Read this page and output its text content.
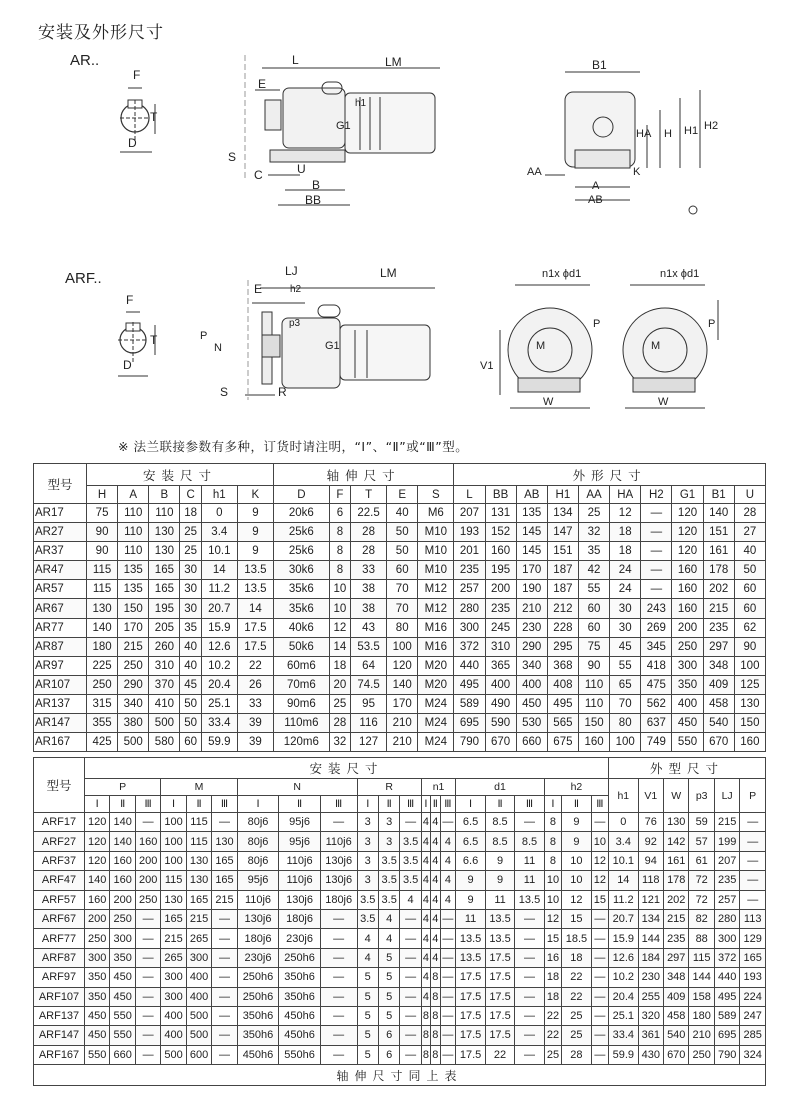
安装及外形尺寸
AR..
F
T
D
L	LM
E
h1
G1
S
C	U
B
BB
B1
HA H H1 H2
AA	K
A
AB
ARF..
F
T
D
LJ	LM
E	h2
P
N
S	R
p3
G1
n1x ϕd1	n1x ϕd1
V1
M	M
P	P
W	W
※ 法兰联接参数有多种，订货时请注明，“Ⅰ”、“Ⅱ”或“Ⅲ”型。
型号	安装尺寸						轴伸尺寸					外形尺寸									
	H	A	B	C	h1	K	D	F	T	E	S	L	BB	AB	H1	AA	HA	H2	G1	B1	U
AR17	75	110	110	18	0	9	20k6	6	22.5	40	M6	207	131	135	134	25	12	—	120	140	28
AR27	90	110	130	25	3.4	9	25k6	8	28	50	M10	193	152	145	147	32	18	—	120	151	27
AR37	90	110	130	25	10.1	9	25k6	8	28	50	M10	201	160	145	151	35	18	—	120	161	40
AR47	115	135	165	30	14	13.5	30k6	8	33	60	M10	235	195	170	187	42	24	—	160	178	50
AR57	115	135	165	30	11.2	13.5	35k6	10	38	70	M12	257	200	190	187	55	24	—	160	202	60
AR67	130	150	195	30	20.7	14	35k6	10	38	70	M12	280	235	210	212	60	30	243	160	215	60
AR77	140	170	205	35	15.9	17.5	40k6	12	43	80	M16	300	245	230	228	60	30	269	200	235	62
AR87	180	215	260	40	12.6	17.5	50k6	14	53.5	100	M16	372	310	290	295	75	45	345	250	297	90
AR97	225	250	310	40	10.2	22	60m6	18	64	120	M20	440	365	340	368	90	55	418	300	348	100
AR107	250	290	370	45	20.4	26	70m6	20	74.5	140	M20	495	400	400	408	110	65	475	350	409	125
AR137	315	340	410	50	25.1	33	90m6	25	95	170	M24	589	490	450	495	110	70	562	400	458	130
AR147	355	380	500	50	33.4	39	110m6	28	116	210	M24	695	590	530	565	150	80	637	450	540	150
AR167	425	500	580	60	59.9	39	120m6	32	127	210	M24	790	670	660	675	160	100	749	550	670	160
型号	安装尺寸																					外型尺寸					
	P			M			N			R			n1			d1			h2			h1	V1	W	p3	LJ	P
	Ⅰ	Ⅱ	Ⅲ	Ⅰ	Ⅱ	Ⅲ	Ⅰ	Ⅱ	Ⅲ	Ⅰ	Ⅱ	Ⅲ	Ⅰ	Ⅱ	Ⅲ	Ⅰ	Ⅱ	Ⅲ	Ⅰ	Ⅱ	Ⅲ						
ARF17	120	140	—	100	115	—	80j6	95j6	—	3	3	—	4	4	—	6.5	8.5	—	8	9	—	0	76	130	59	215	—
ARF27	120	140	160	100	115	130	80j6	95j6	110j6	3	3	3.5	4	4	4	6.5	8.5	8.5	8	9	10	3.4	92	142	57	199	—
ARF37	120	160	200	100	130	165	80j6	110j6	130j6	3	3.5	3.5	4	4	4	6.6	9	11	8	10	12	10.1	94	161	61	207	—
ARF47	140	160	200	115	130	165	95j6	110j6	130j6	3	3.5	3.5	4	4	4	9	9	11	10	10	12	14	118	178	72	235	—
ARF57	160	200	250	130	165	215	110j6	130j6	180j6	3.5	3.5	4	4	4	4	9	11	13.5	10	12	15	11.2	121	202	72	257	—
ARF67	200	250	—	165	215	—	130j6	180j6	—	3.5	4	—	4	4	—	11	13.5	—	12	15	—	20.7	134	215	82	280	113
ARF77	250	300	—	215	265	—	180j6	230j6	—	4	4	—	4	4	—	13.5	13.5	—	15	18.5	—	15.9	144	235	88	300	129
ARF87	300	350	—	265	300	—	230j6	250h6	—	4	5	—	4	4	—	13.5	17.5	—	16	18	—	12.6	184	297	115	372	165
ARF97	350	450	—	300	400	—	250h6	350h6	—	5	5	—	4	8	—	17.5	17.5	—	18	22	—	10.2	230	348	144	440	193
ARF107	350	450	—	300	400	—	250h6	350h6	—	5	5	—	4	8	—	17.5	17.5	—	18	22	—	20.4	255	409	158	495	224
ARF137	450	550	—	400	500	—	350h6	450h6	—	5	5	—	8	8	—	17.5	17.5	—	22	25	—	25.1	320	458	180	589	247
ARF147	450	550	—	400	500	—	350h6	450h6	—	5	6	—	8	8	—	17.5	17.5	—	22	25	—	33.4	361	540	210	695	285
ARF167	550	660	—	500	600	—	450h6	550h6	—	5	6	—	8	8	—	17.5	22	—	25	28	—	59.9	430	670	250	790	324
轴伸尺寸同上表																											
